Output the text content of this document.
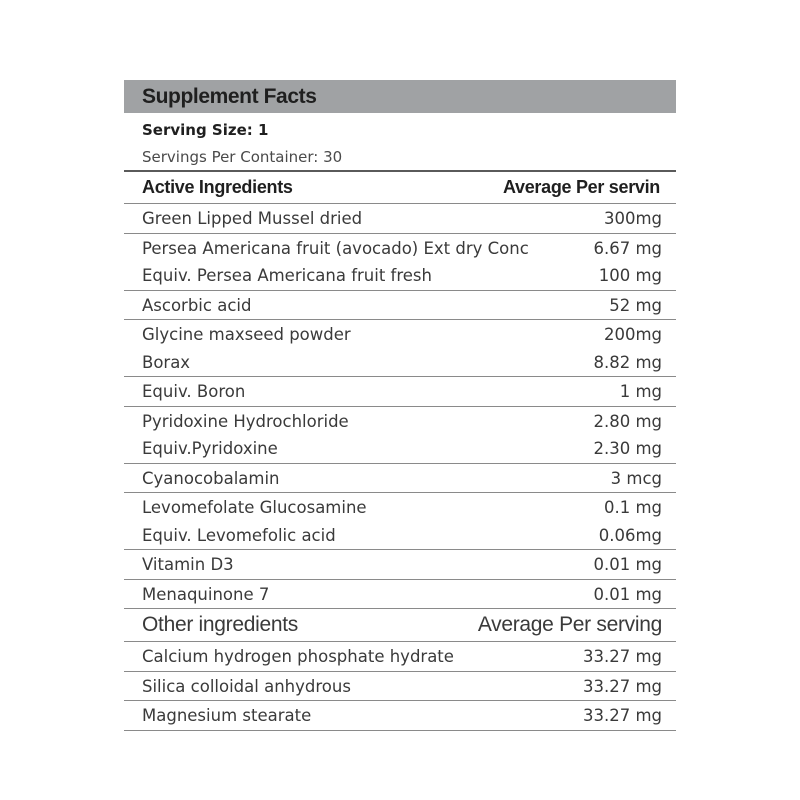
Supplement Facts
Serving Size: 1
Servings Per Container: 30
Active Ingredients	Average Per servin
Green Lipped Mussel dried	300mg
Persea Americana fruit (avocado) Ext dry Conc	6.67 mg
Equiv. Persea Americana fruit fresh	100 mg
Ascorbic acid	52 mg
Glycine maxseed powder	200mg
Borax	8.82 mg
Equiv. Boron	1 mg
Pyridoxine Hydrochloride	2.80 mg
Equiv.Pyridoxine	2.30 mg
Cyanocobalamin	3 mcg
Levomefolate Glucosamine	0.1 mg
Equiv. Levomefolic acid	0.06mg
Vitamin D3	0.01 mg
Menaquinone 7	0.01 mg
Other ingredients	Average Per serving
Calcium hydrogen phosphate hydrate	33.27 mg
Silica colloidal anhydrous	33.27 mg
Magnesium stearate	33.27 mg
